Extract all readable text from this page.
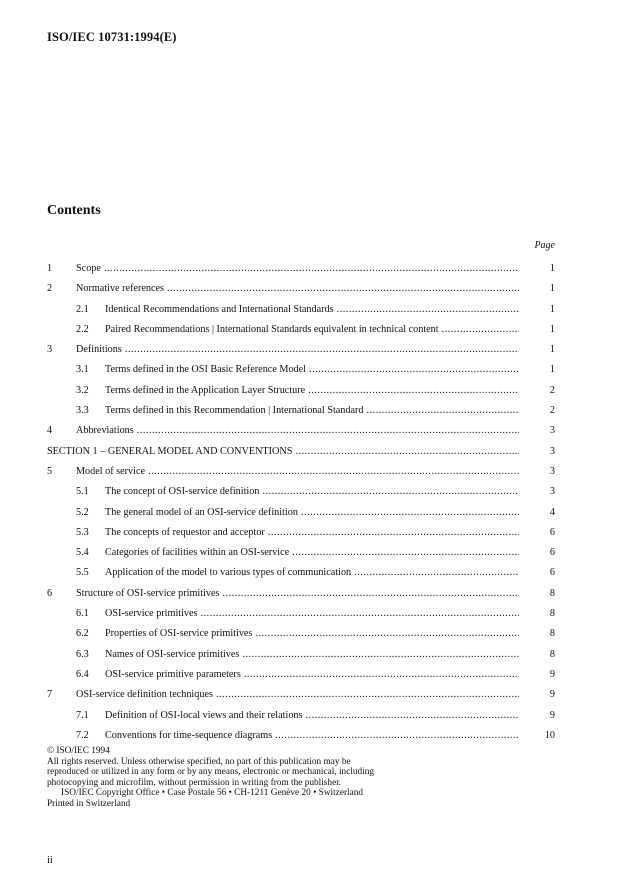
ISO/IEC 10731:1994(E)
Contents
Page
1 Scope .....	1
2 Normative references .....	1
2.1 Identical Recommendations and International Standards .....	1
2.2 Paired Recommendations | International Standards equivalent in technical content .....	1
3 Definitions .....	1
3.1 Terms defined in the OSI Basic Reference Model .....	1
3.2 Terms defined in the Application Layer Structure .....	2
3.3 Terms defined in this Recommendation | International Standard .....	2
4 Abbreviations .....	3
SECTION 1 – GENERAL MODEL AND CONVENTIONS .....	3
5 Model of service .....	3
5.1 The concept of OSI-service definition .....	3
5.2 The general model of an OSI-service definition .....	4
5.3 The concepts of requestor and acceptor .....	6
5.4 Categories of facilities within an OSI-service .....	6
5.5 Application of the model to various types of communication .....	6
6 Structure of OSI-service primitives .....	8
6.1 OSI-service primitives .....	8
6.2 Properties of OSI-service primitives .....	8
6.3 Names of OSI-service primitives .....	8
6.4 OSI-service primitive parameters .....	9
7 OSI-service definition techniques .....	9
7.1 Definition of OSI-local views and their relations .....	9
7.2 Conventions for time-sequence diagrams .....	10
© ISO/IEC 1994
All rights reserved. Unless otherwise specified, no part of this publication may be
reproduced or utilized in any form or by any means, electronic or mechanical, including
photocopying and microfilm, without permission in writing from the publisher.
ISO/IEC Copyright Office • Case Postale 56 • CH-1211 Genève 20 • Switzerland
Printed in Switzerland
ii
